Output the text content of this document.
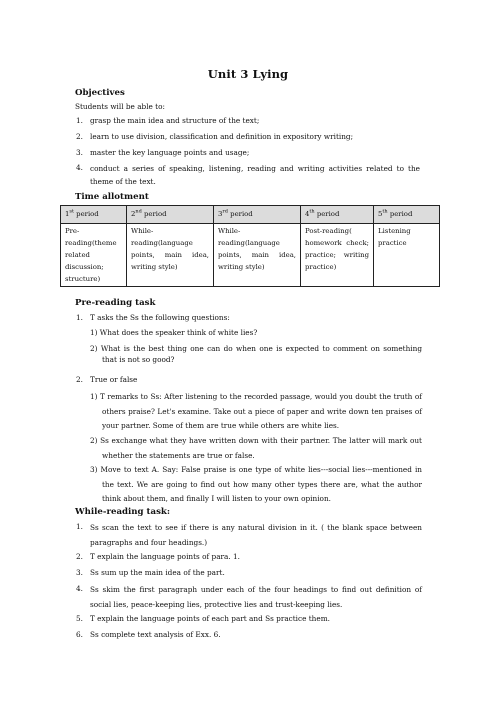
Unit 3 Lying
Objectives
Students will be able to:
1. grasp the main idea and structure of the text;
2. learn to use division, classification and definition in expository writing;
3. master the key language points and usage;
4. conduct a series of speaking, listening, reading and writing activities related to the theme of the text.
Time allotment
1st period	2nd period	3rd period	4th period	5th period
Pre-reading(theme related discussion; structure)	While-reading(language points, main idea, writing style)	While-reading(language points, main idea, writing style)	Post-reading( homework check; practice; writing practice)	Listening practice
Pre-reading task
1. T asks the Ss the following questions:
1) What does the speaker think of white lies?
2) What is the best thing one can do when one is expected to comment on something that is not so good?
2. True or false
1) T remarks to Ss: After listening to the recorded passage, would you doubt the truth of others praise? Let's examine. Take out a piece of paper and write down ten praises of your partner. Some of them are true while others are white lies.
2) Ss exchange what they have written down with their partner. The latter will mark out whether the statements are true or false.
3) Move to text A. Say: False praise is one type of white lies---social lies---mentioned in the text. We are going to find out how many other types there are, what the author think about them, and finally I will listen to your own opinion.
While-reading task:
1. Ss scan the text to see if there is any natural division in it. ( the blank space between paragraphs and four headings.)
2. T explain the language points of para. 1.
3. Ss sum up the main idea of the part.
4. Ss skim the first paragraph under each of the four headings to find out definition of social lies, peace-keeping lies, protective lies and trust-keeping lies.
5. T explain the language points of each part and Ss practice them.
6. Ss complete text analysis of Exx. 6.
